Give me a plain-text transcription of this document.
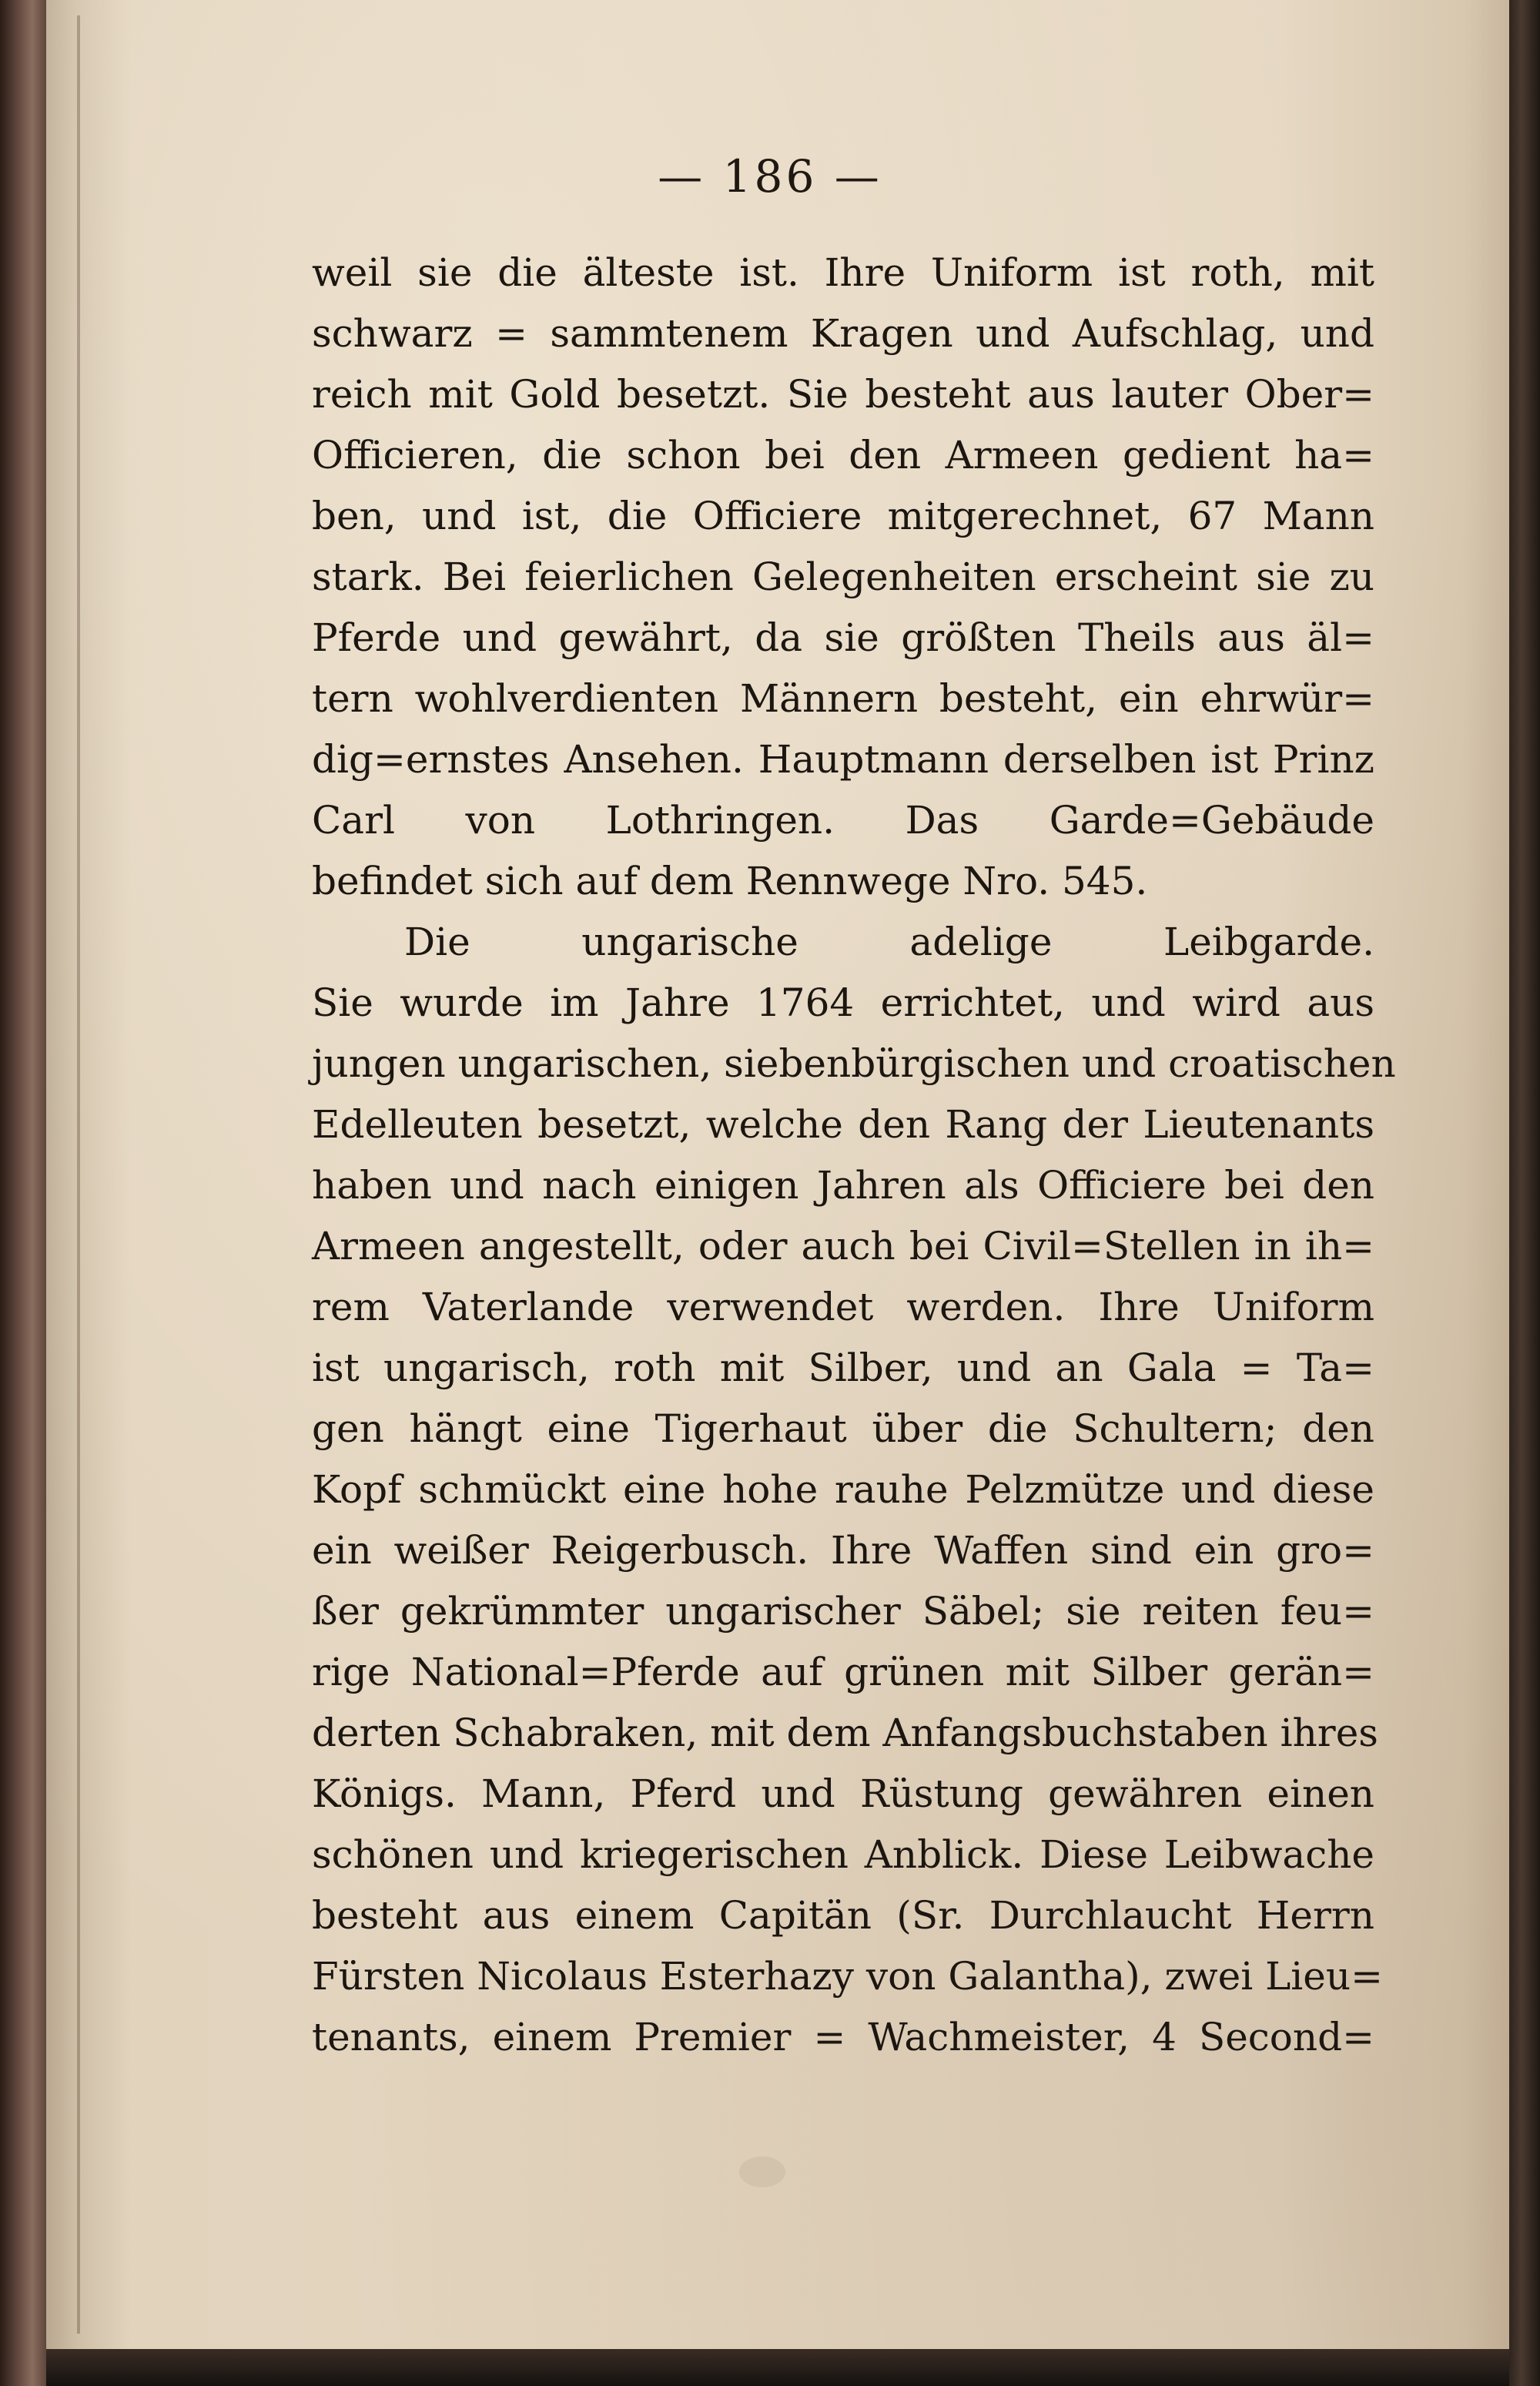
— 186 —
weil sie die älteste ist. Ihre Uniform ist roth, mit
schwarz = sammtenem Kragen und Aufschlag, und
reich mit Gold besetzt. Sie besteht aus lauter Ober=
Officieren, die schon bei den Armeen gedient ha=
ben, und ist, die Officiere mitgerechnet, 67 Mann
stark. Bei feierlichen Gelegenheiten erscheint sie zu
Pferde und gewährt, da sie größten Theils aus äl=
tern wohlverdienten Männern besteht, ein ehrwür=
dig=ernstes Ansehen. Hauptmann derselben ist Prinz
Carl von Lothringen. Das Garde=Gebäude
befindet sich auf dem Rennwege Nro. 545.
Die ungarische adelige Leibgarde.
Sie wurde im Jahre 1764 errichtet, und wird aus
jungen ungarischen, siebenbürgischen und croatischen
Edelleuten besetzt, welche den Rang der Lieutenants
haben und nach einigen Jahren als Officiere bei den
Armeen angestellt, oder auch bei Civil=Stellen in ih=
rem Vaterlande verwendet werden. Ihre Uniform
ist ungarisch, roth mit Silber, und an Gala = Ta=
gen hängt eine Tigerhaut über die Schultern; den
Kopf schmückt eine hohe rauhe Pelzmütze und diese
ein weißer Reigerbusch. Ihre Waffen sind ein gro=
ßer gekrümmter ungarischer Säbel; sie reiten feu=
rige National=Pferde auf grünen mit Silber gerän=
derten Schabraken, mit dem Anfangsbuchstaben ihres
Königs. Mann, Pferd und Rüstung gewähren einen
schönen und kriegerischen Anblick. Diese Leibwache
besteht aus einem Capitän (Sr. Durchlaucht Herrn
Fürsten Nicolaus Esterhazy von Galantha), zwei Lieu=
tenants, einem Premier = Wachmeister, 4 Second=
